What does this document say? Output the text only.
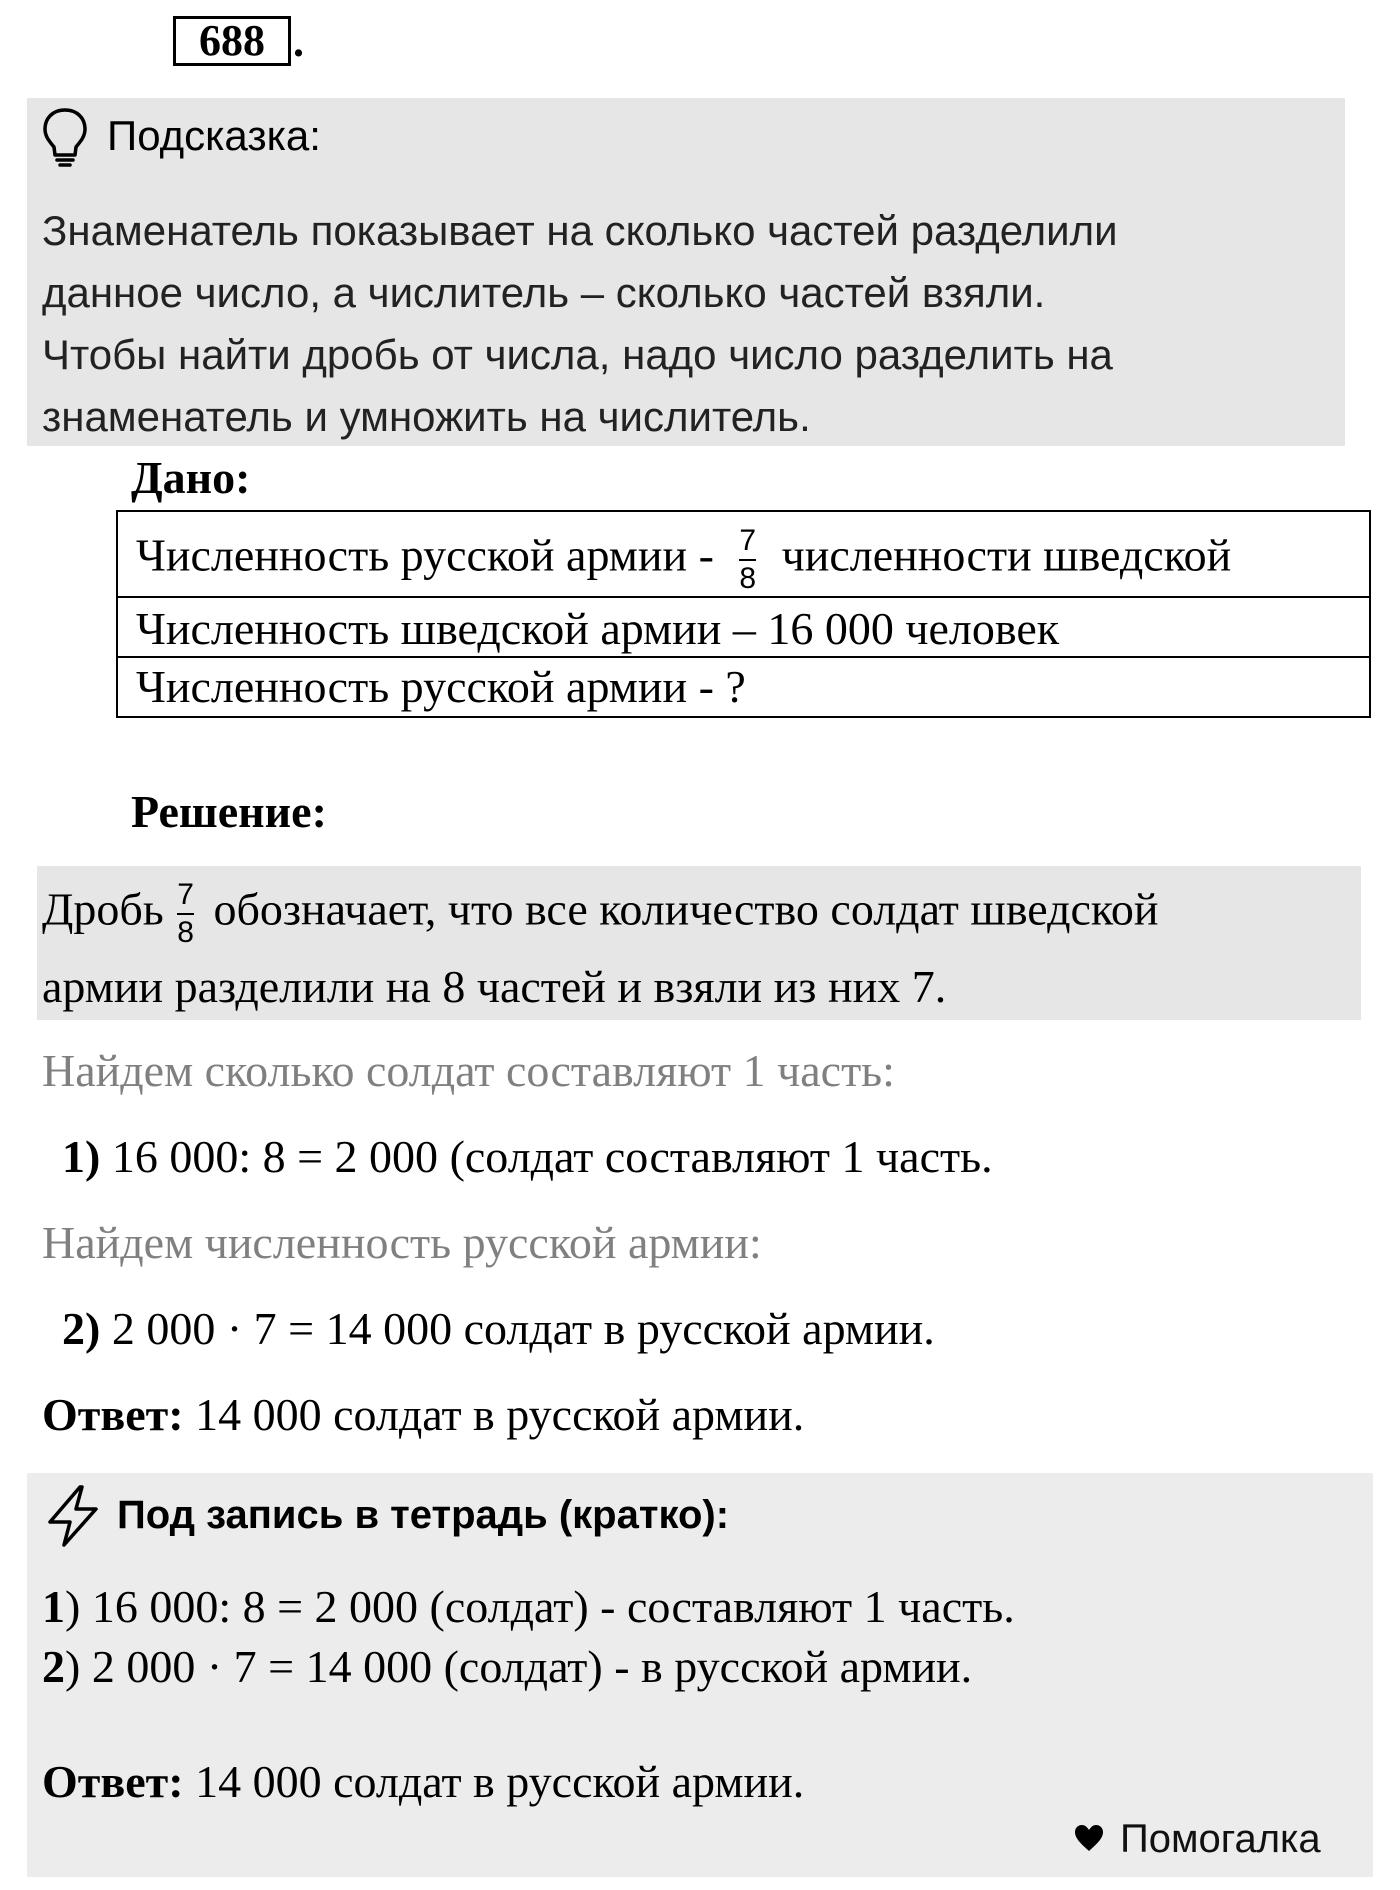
688 .
Подсказка:
Знаменатель показывает на сколько частей разделили
данное число, а числитель – сколько частей взяли.
Чтобы найти дробь от числа, надо число разделить на
знаменатель и умножить на числитель.
Дано:
Численность русской армии - $\frac{7}{8}$ численности шведской
Численность шведской армии – 16 000 человек
Численность русской армии - ?
Решение:
Дробь $\frac{7}{8}$ обозначает, что все количество солдат шведской
армии разделили на 8 частей и взяли из них 7.
Найдем сколько солдат составляют 1 часть:
1) 16 000: 8 = 2 000 (солдат составляют 1 часть.
Найдем численность русской армии:
2) 2 000 · 7 = 14 000 солдат в русской армии.
Ответ: 14 000 солдат в русской армии.
Под запись в тетрадь (кратко):
1) 16 000: 8 = 2 000 (солдат) - составляют 1 часть.
2) 2 000 · 7 = 14 000 (солдат) - в русской армии.
Ответ: 14 000 солдат в русской армии.
Помогалка
